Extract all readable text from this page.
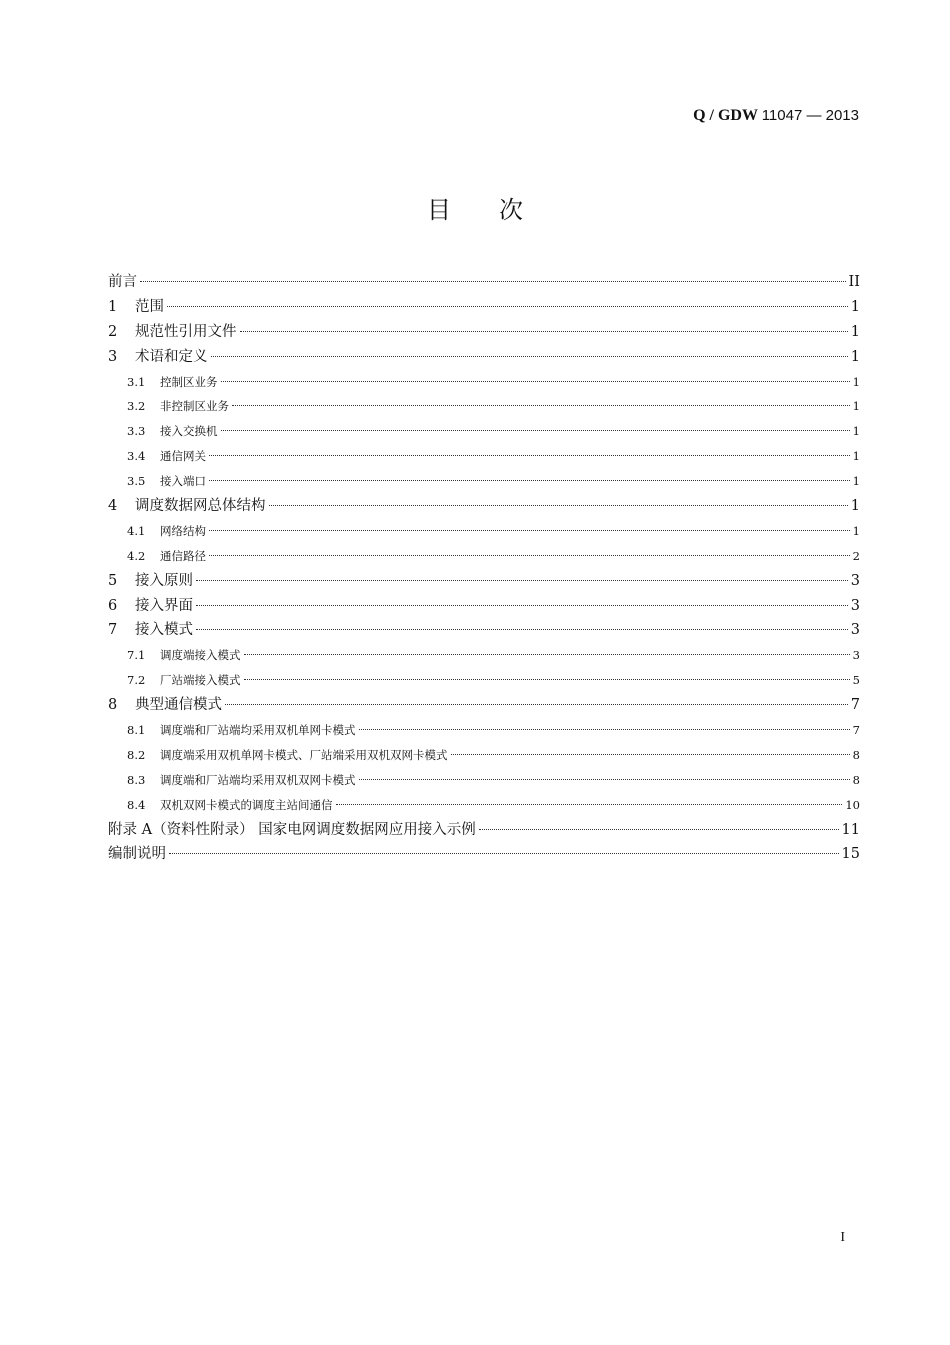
Q / GDW 11047 — 2013
目次
前言	II
1	范围	1
2	规范性引用文件	1
3	术语和定义	1
3.1	控制区业务	1
3.2	非控制区业务	1
3.3	接入交换机	1
3.4	通信网关	1
3.5	接入端口	1
4	调度数据网总体结构	1
4.1	网络结构	1
4.2	通信路径	2
5	接入原则	3
6	接入界面	3
7	接入模式	3
7.1	调度端接入模式	3
7.2	厂站端接入模式	5
8	典型通信模式	7
8.1	调度端和厂站端均采用双机单网卡模式	7
8.2	调度端采用双机单网卡模式、厂站端采用双机双网卡模式	8
8.3	调度端和厂站端均采用双机双网卡模式	8
8.4	双机双网卡模式的调度主站间通信	10
附录 A（资料性附录） 国家电网调度数据网应用接入示例	11
编制说明	15
I
